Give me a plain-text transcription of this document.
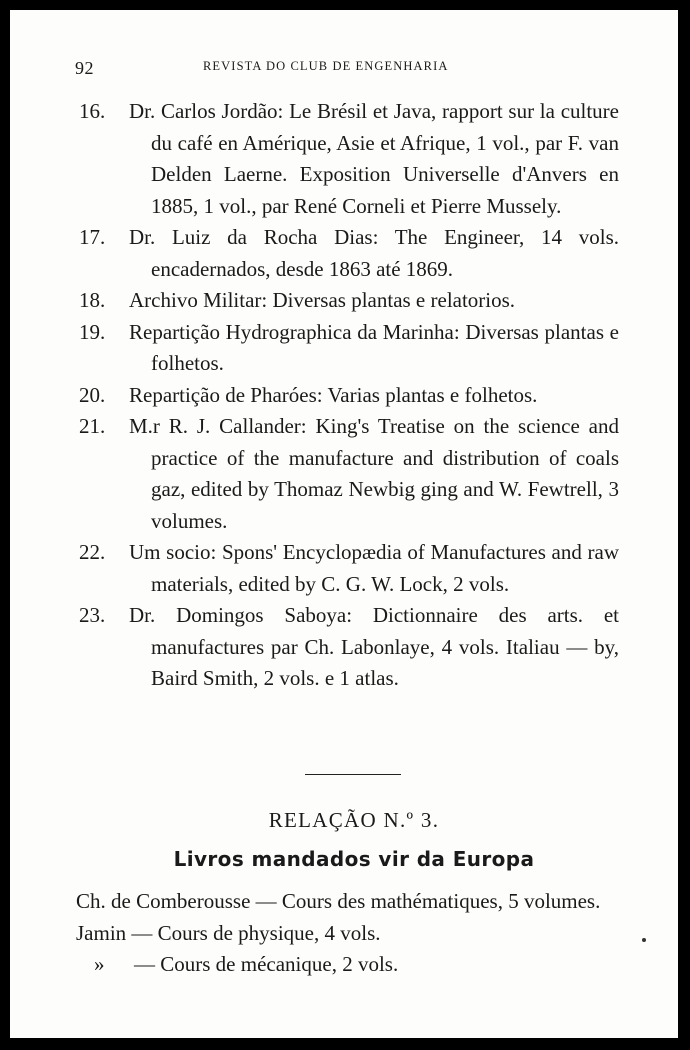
92	REVISTA DO CLUB DE ENGENHARIA
16. Dr. Carlos Jordão: Le Brésil et Java, rapport sur la culture du café en Amérique, Asie et Afrique, 1 vol., par F. van Delden Laerne. Exposition Universelle d'Anvers en 1885, 1 vol., par René Corneli et Pierre Mussely.
17. Dr. Luiz da Rocha Dias: The Engineer, 14 vols. encadernados, desde 1863 até 1869.
18. Archivo Militar: Diversas plantas e relatorios.
19. Repartição Hydrographica da Marinha: Diversas plantas e folhetos.
20. Repartição de Pharóes: Varias plantas e folhetos.
21. M.r R. J. Callander: King's Treatise on the science and practice of the manufacture and distribution of coals gaz, edited by Thomaz Newbig ging and W. Fewtrell, 3 volumes.
22. Um socio: Spons' Encyclopædia of Manufactures and raw materials, edited by C. G. W. Lock, 2 vols.
23. Dr. Domingos Saboya: Dictionnaire des arts. et manufactures par Ch. Labonlaye, 4 vols. Italiau — by, Baird Smith, 2 vols. e 1 atlas.
RELAÇÃO N.º 3.
Livros mandados vir da Europa
Ch. de Comberousse — Cours des mathématiques, 5 volumes.
Jamin — Cours de physique, 4 vols.
» — Cours de mécanique, 2 vols.
